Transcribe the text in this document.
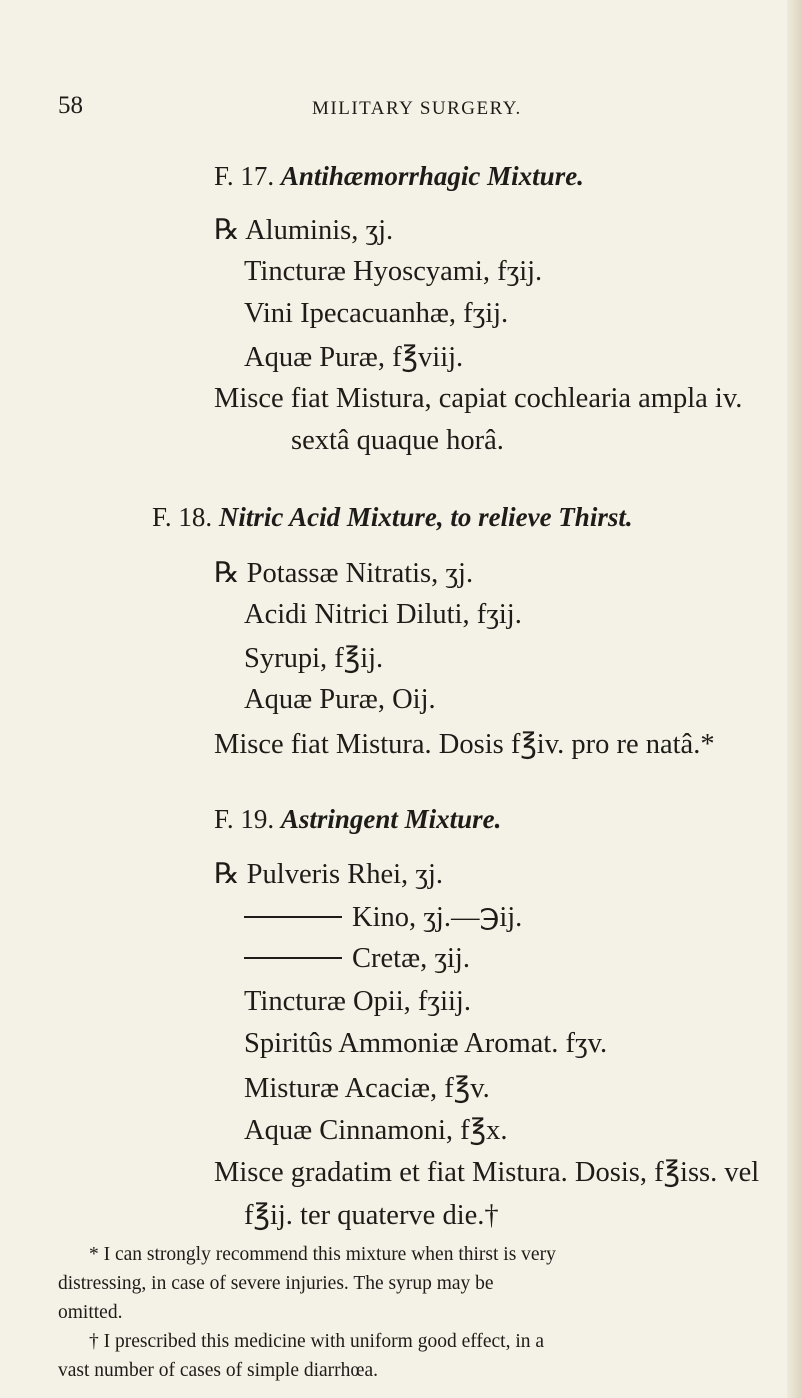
58	MILITARY SURGERY.

F. 17. Antihæmorrhagic Mixture.

℞ Aluminis, ʒj.

Tincturæ Hyoscyami, fʒij.

Vini Ipecacuanhæ, fʒij.

Aquæ Puræ, f℥viij.

Misce fiat Mistura, capiat cochlearia ampla iv.

sextâ quaque horâ.

F. 18. Nitric Acid Mixture, to relieve Thirst.

℞ Potassæ Nitratis, ʒj.

Acidi Nitrici Diluti, fʒij.

Syrupi, f℥ij.

Aquæ Puræ, Oij.

Misce fiat Mistura. Dosis f℥iv. pro re natâ.*

F. 19. Astringent Mixture.

℞ Pulveris Rhei, ʒj.

Kino, ʒj.—℈ij.

Cretæ, ʒij.

Tincturæ Opii, fʒiij.

Spiritûs Ammoniæ Aromat. fʒv.

Misturæ Acaciæ, f℥v.

Aquæ Cinnamoni, f℥x.

Misce gradatim et fiat Mistura. Dosis, f℥iss. vel

f℥ij. ter quaterve die.†

* I can strongly recommend this mixture when thirst is very

distressing, in case of severe injuries. The syrup may be

omitted.

† I prescribed this medicine with uniform good effect, in a

vast number of cases of simple diarrhœa.
